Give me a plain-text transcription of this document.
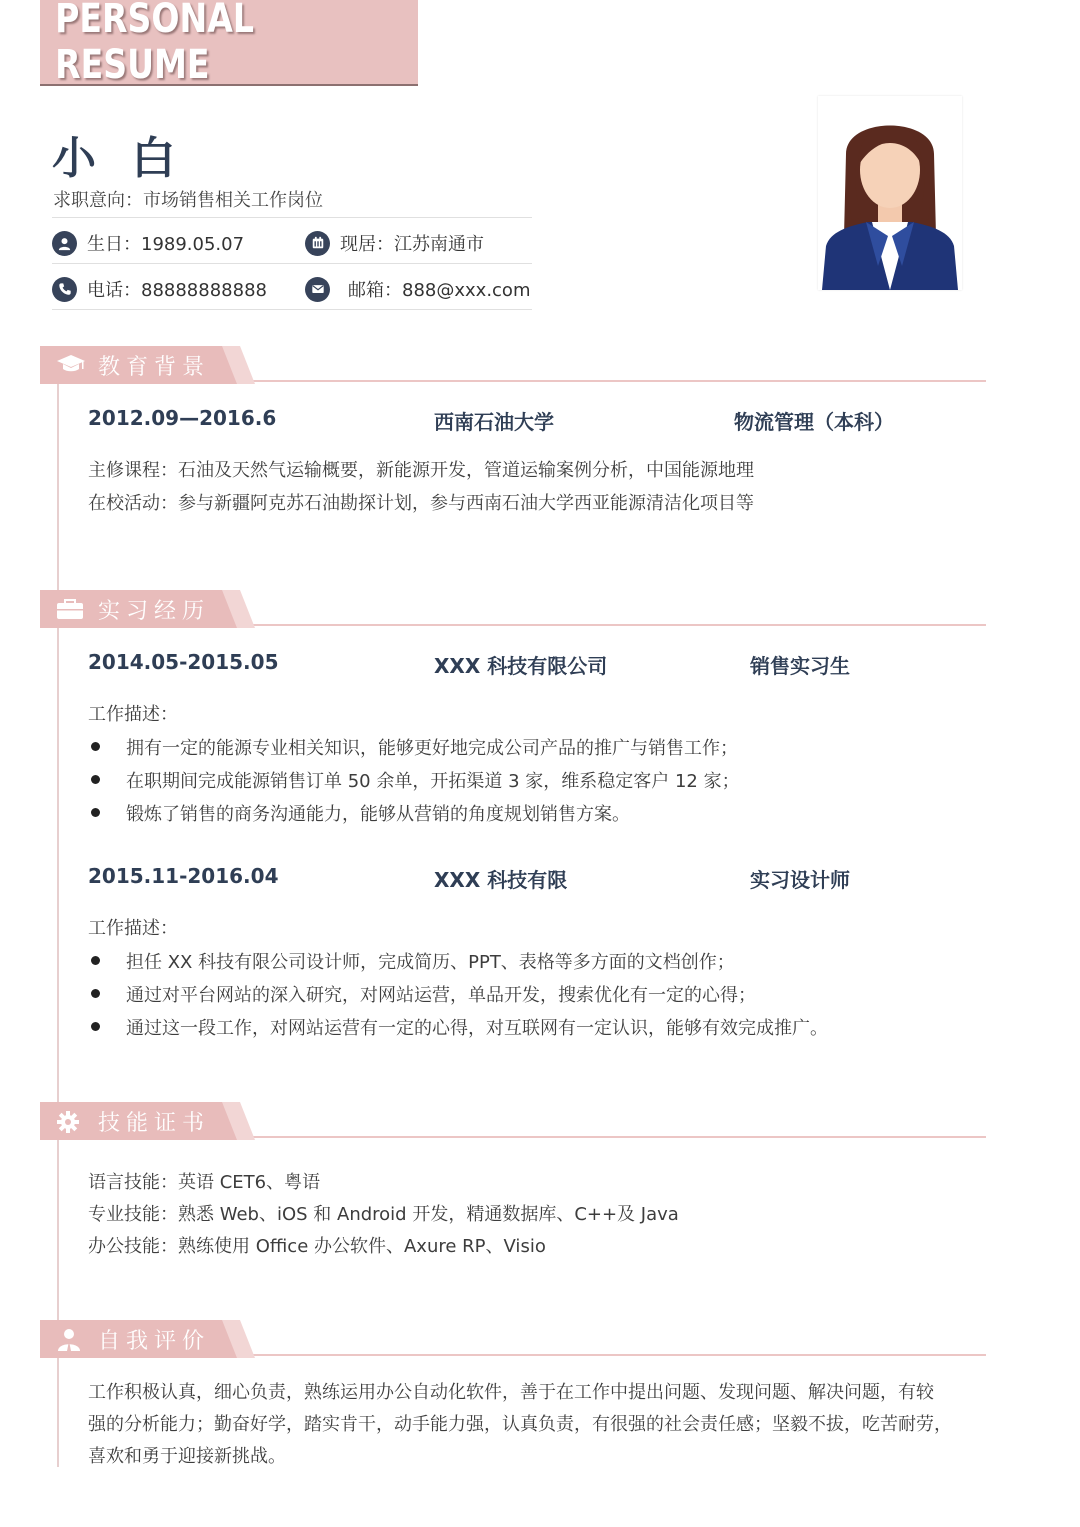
PERSONAL RESUME
小 白
求职意向：市场销售相关工作岗位
生日：1989.05.07	现居：江苏南通市
电话：88888888888	邮箱：888@xxx.com
教育背景
2012.09—2016.6	西南石油大学	物流管理（本科）
主修课程：石油及天然气运输概要，新能源开发，管道运输案例分析，中国能源地理
在校活动：参与新疆阿克苏石油勘探计划，参与西南石油大学西亚能源清洁化项目等
实习经历
2014.05-2015.05	XXX 科技有限公司	销售实习生
工作描述：
拥有一定的能源专业相关知识，能够更好地完成公司产品的推广与销售工作；
在职期间完成能源销售订单 50 余单，开拓渠道 3 家，维系稳定客户 12 家；
锻炼了销售的商务沟通能力，能够从营销的角度规划销售方案。
2015.11-2016.04	XXX 科技有限	实习设计师
工作描述：
担任 XX 科技有限公司设计师，完成简历、PPT、表格等多方面的文档创作；
通过对平台网站的深入研究，对网站运营，单品开发，搜索优化有一定的心得；
通过这一段工作，对网站运营有一定的心得，对互联网有一定认识，能够有效完成推广。
技能证书
语言技能：英语 CET6、粤语
专业技能：熟悉 Web、iOS 和 Android 开发，精通数据库、C++及 Java
办公技能：熟练使用 Office 办公软件、Axure RP、Visio
自我评价
工作积极认真，细心负责，熟练运用办公自动化软件，善于在工作中提出问题、发现问题、解决问题，有较
强的分析能力；勤奋好学，踏实肯干，动手能力强，认真负责，有很强的社会责任感；坚毅不拔，吃苦耐劳，
喜欢和勇于迎接新挑战。
